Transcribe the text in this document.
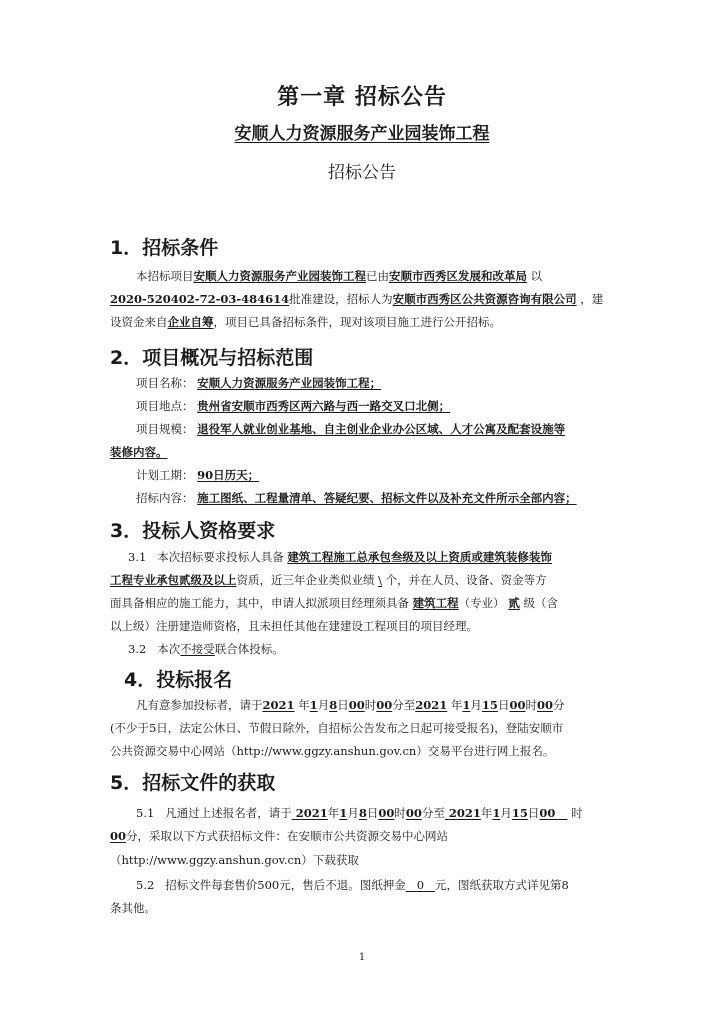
第一章 招标公告
安顺人力资源服务产业园装饰工程
招标公告
1．招标条件
本招标项目安顺人力资源服务产业园装饰工程已由安顺市西秀区发展和改革局 以
2020-520402-72-03-484614批准建设，招标人为安顺市西秀区公共资源咨询有限公司 ，建
设资金来自企业自筹，项目已具备招标条件，现对该项目施工进行公开招标。
2．项目概况与招标范围
项目名称： 安顺人力资源服务产业园装饰工程；
项目地点： 贵州省安顺市西秀区两六路与西一路交叉口北侧；
项目规模： 退役军人就业创业基地、自主创业企业办公区域、人才公寓及配套设施等
装修内容。
计划工期： 90日历天；
招标内容： 施工图纸、工程量清单、答疑纪要、招标文件以及补充文件所示全部内容；
3．投标人资格要求
3.1 本次招标要求投标人具备 建筑工程施工总承包叁级及以上资质或建筑装修装饰
工程专业承包贰级及以上资质，近三年企业类似业绩 \ 个，并在人员、设备、资金等方
面具备相应的施工能力，其中，申请人拟派项目经理须具备 建筑工程（专业） 贰 级（含
以上级）注册建造师资格，且未担任其他在建建设工程项目的项目经理。
3.2 本次不接受联合体投标。
4．投标报名
凡有意参加投标者，请于2021 年1月8日00时00分至2021 年1月15日00时00分
(不少于5日，法定公休日、节假日除外，自招标公告发布之日起可接受报名)，登陆安顺市
公共资源交易中心网站（http://www.ggzy.anshun.gov.cn）交易平台进行网上报名。
5．招标文件的获取
5.1 凡通过上述报名者，请于 2021年1月8日00时00分至 2021年1月15日00 时
00分，采取以下方式获招标文件：在安顺市公共资源交易中心网站
（http://www.ggzy.anshun.gov.cn）下载获取
5.2 招标文件每套售价500元，售后不退。图纸押金 0 元，图纸获取方式详见第8
条其他。
1
